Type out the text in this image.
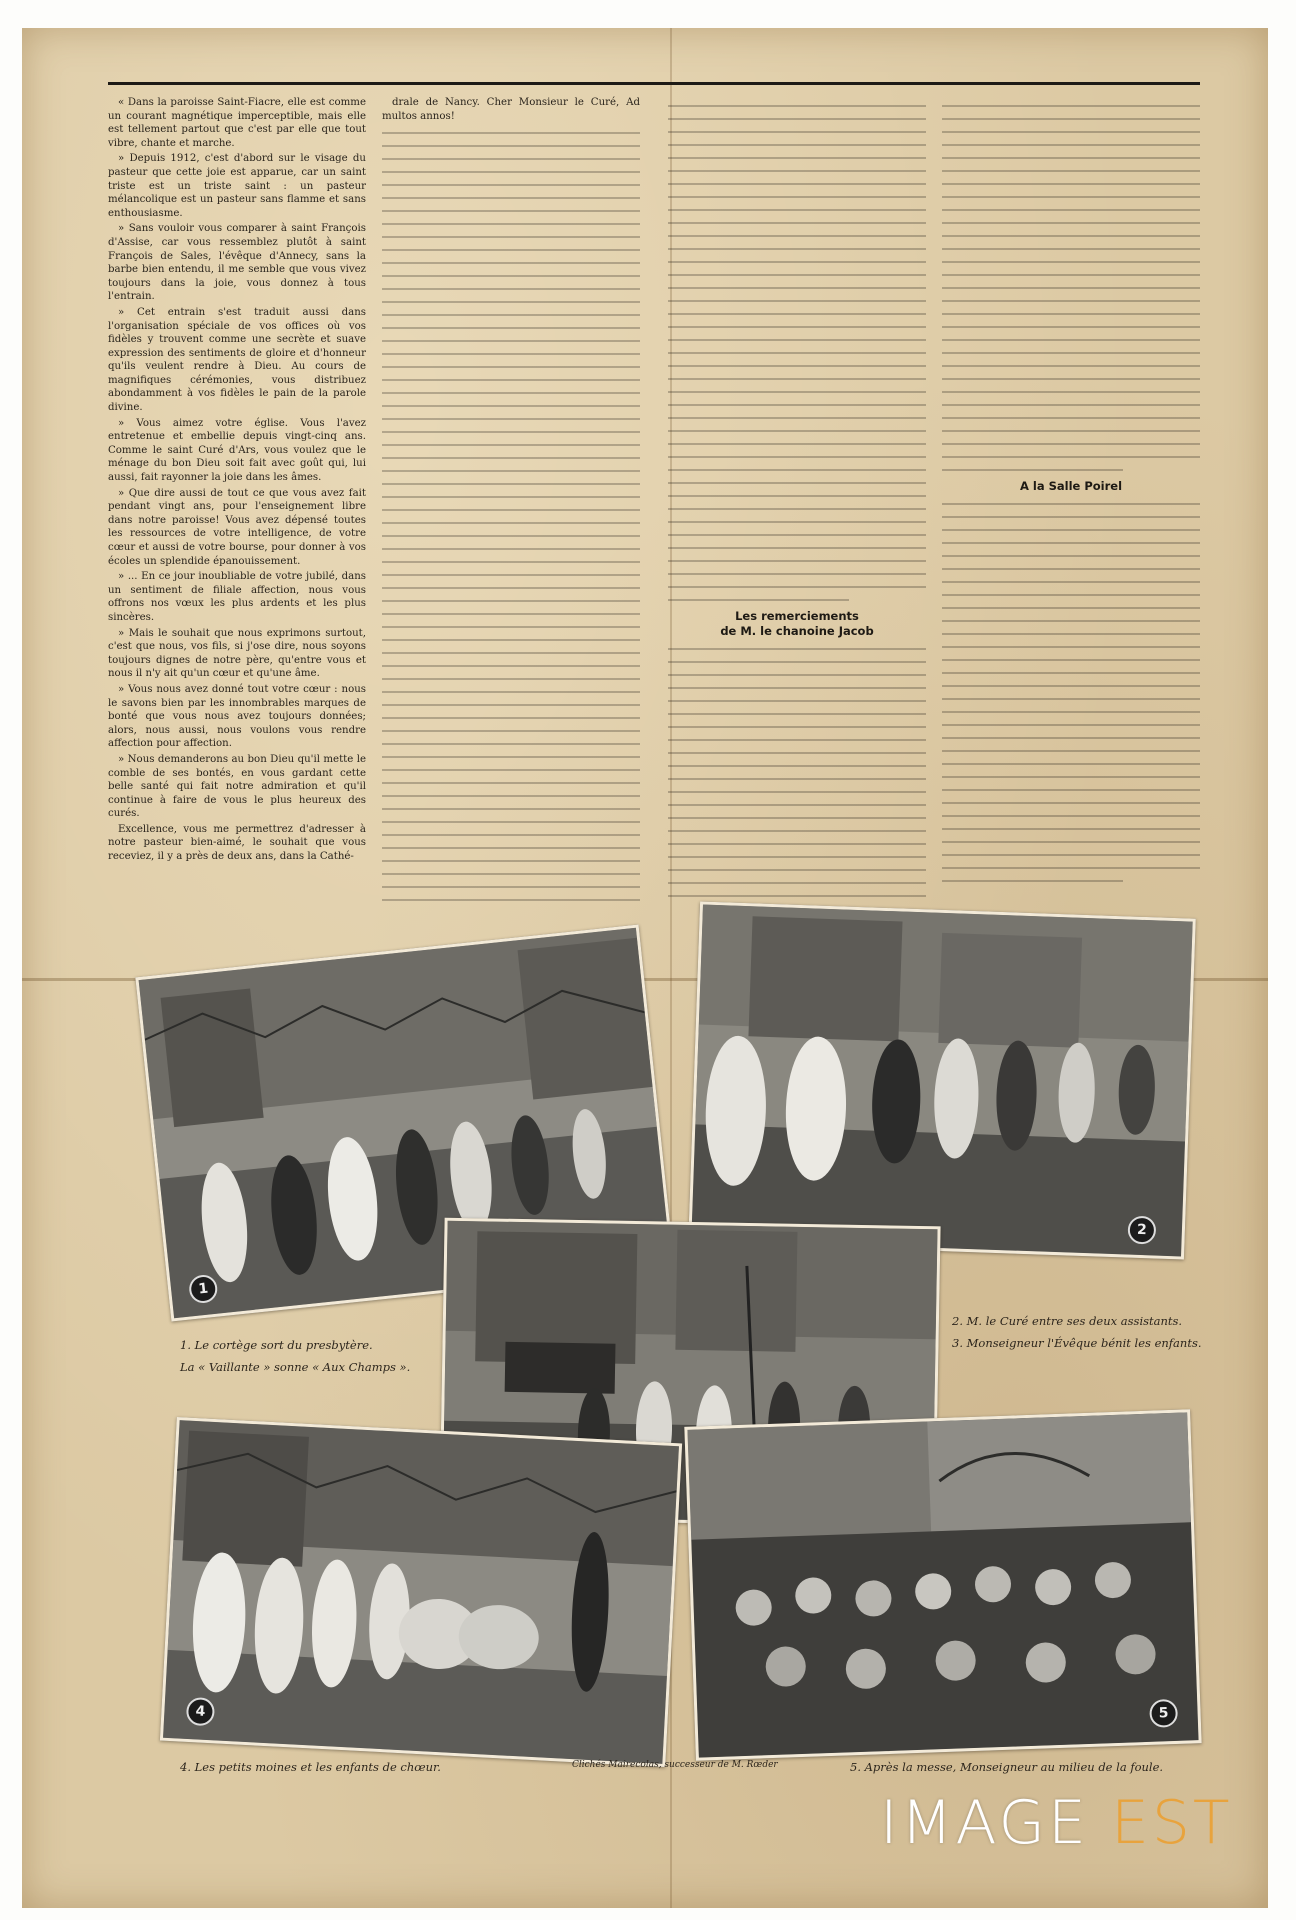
« Dans la paroisse Saint-Fiacre, elle est comme un courant magnétique imperceptible, mais elle est tellement partout que c'est par elle que tout vibre, chante et marche.

» Depuis 1912, c'est d'abord sur le visage du pasteur que cette joie est apparue, car un saint triste est un triste saint : un pasteur mélancolique est un pasteur sans flamme et sans enthousiasme.

» Sans vouloir vous comparer à saint François d'Assise, car vous ressemblez plutôt à saint François de Sales, l'évêque d'Annecy, sans la barbe bien entendu, il me semble que vous vivez toujours dans la joie, vous donnez à tous l'entrain.

» Cet entrain s'est traduit aussi dans l'organisation spéciale de vos offices où vos fidèles y trouvent comme une secrète et suave expression des sentiments de gloire et d'honneur qu'ils veulent rendre à Dieu. Au cours de magnifiques cérémonies, vous distribuez abondamment à vos fidèles le pain de la parole divine.

» Vous aimez votre église. Vous l'avez entretenue et embellie depuis vingt-cinq ans. Comme le saint Curé d'Ars, vous voulez que le ménage du bon Dieu soit fait avec goût qui, lui aussi, fait rayonner la joie dans les âmes.

» Que dire aussi de tout ce que vous avez fait pendant vingt ans, pour l'enseignement libre dans notre paroisse! Vous avez dépensé toutes les ressources de votre intelligence, de votre cœur et aussi de votre bourse, pour donner à vos écoles un splendide épanouissement.

» ... En ce jour inoubliable de votre jubilé, dans un sentiment de filiale affection, nous vous offrons nos vœux les plus ardents et les plus sincères.

» Mais le souhait que nous exprimons surtout, c'est que nous, vos fils, si j'ose dire, nous soyons toujours dignes de notre père, qu'entre vous et nous il n'y ait qu'un cœur et qu'une âme.

» Vous nous avez donné tout votre cœur : nous le savons bien par les innombrables marques de bonté que vous nous avez toujours données; alors, nous aussi, nous voulons vous rendre affection pour affection.

» Nous demanderons au bon Dieu qu'il mette le comble de ses bontés, en vous gardant cette belle santé qui fait notre admiration et qu'il continue à faire de vous le plus heureux des curés.

Excellence, vous me permettrez d'adresser à notre pasteur bien-aimé, le souhait que vous receviez, il y a près de deux ans, dans la Cathé-

drale de Nancy. Cher Monsieur le Curé, Ad multos annos!

Les remerciements
de M. le chanoine Jacob
A la Salle Poirel
1
2
4	5
1. Le cortège sort du presbytère.
La « Vaillante » sonne « Aux Champs ».
2. M. le Curé entre ses deux assistants.
3. Monseigneur l'Évêque bénit les enfants.
4. Les petits moines et les enfants de chœur.	Clichés Mairecolas, successeur de M. Rœder	5. Après la messe, Monseigneur au milieu de la foule.
IMAGE EST
